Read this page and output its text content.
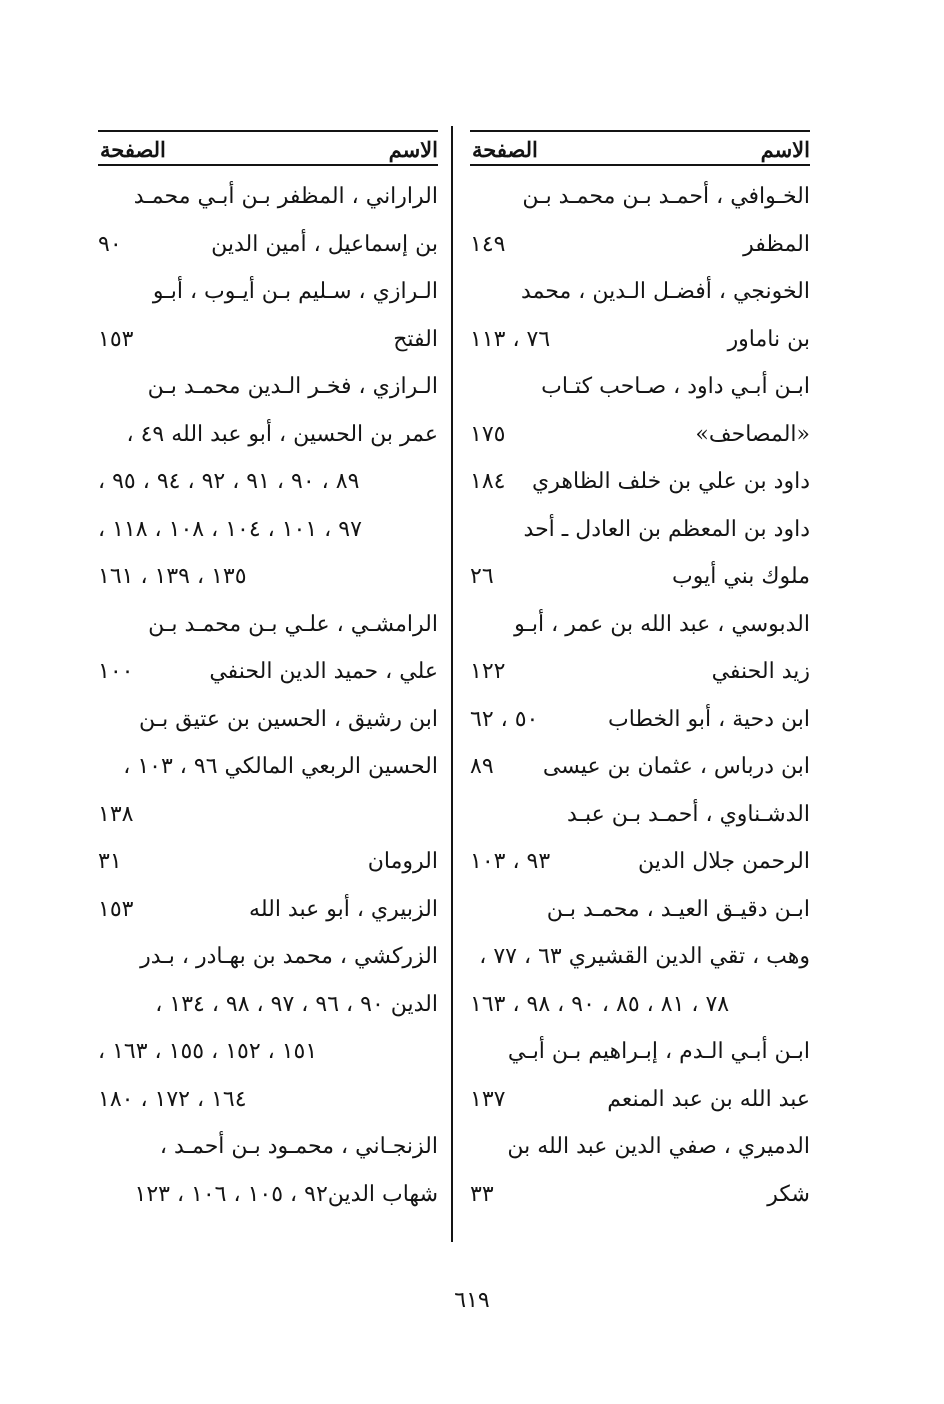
الاسم
الصفحة
الخـوافي ، أحمـد بـن محمـد بـن
المظفر
١٤٩
الخونجي ، أفضـل الـدين ، محمد
بن ناماور
٧٦ ، ١١٣
ابـن أبـي داود ، صـاحب كتـاب
«المصاحف»
١٧٥
داود بن علي بن خلف الظاهري
١٨٤
داود بن المعظم بن العادل ـ أحد
ملوك بني أيوب
٢٦
الدبوسي ، عبد الله بن عمر ، أبـو
زيد الحنفي
١٢٢
ابن دحية ، أبو الخطاب
٥٠ ، ٦٢
ابن درباس ، عثمان بن عيسى
٨٩
الدشـناوي ، أحمـد بـن عبـد
الرحمن جلال الدين
٩٣ ، ١٠٣
ابـن دقيـق العيـد ، محمـد بـن
وهب ، تقي الدين القشيري ٦٣ ، ٧٧ ،
٧٨ ، ٨١ ، ٨٥ ، ٩٠ ، ٩٨ ، ١٦٣
ابـن أبـي الـدم ، إبـراهيم بـن أبـي
عبد الله بن عبد المنعم
١٣٧
الدميري ، صفي الدين عبد الله بن
شكر
٣٣
الاسم
الصفحة
الراراني ، المظفر بـن أبـي محمـد
بن إسماعيل ، أمين الدين
٩٠
الـرازي ، سـليم بـن أيـوب ، أبـو
الفتح
١٥٣
الـرازي ، فخـر الـدين محمـد بـن
عمر بن الحسين ، أبو عبد الله ٤٩ ،
٨٩ ، ٩٠ ، ٩١ ، ٩٢ ، ٩٤ ، ٩٥ ،
٩٧ ، ١٠١ ، ١٠٤ ، ١٠٨ ، ١١٨ ،
١٣٥ ، ١٣٩ ، ١٦١
الرامشـي ، علـي بـن محمـد بـن
علي ، حميد الدين الحنفي
١٠٠
ابن رشيق ، الحسين بن عتيق بـن
الحسين الربعي المالكي ٩٦ ، ١٠٣ ،
١٣٨
الرومان
٣١
الزبيري ، أبو عبد الله
١٥٣
الزركشي ، محمد بن بهـادر ، بـدر
الدين ٩٠ ، ٩٦ ، ٩٧ ، ٩٨ ، ١٣٤ ،
١٥١ ، ١٥٢ ، ١٥٥ ، ١٦٣ ،
١٦٤ ، ١٧٢ ، ١٨٠
الزنجـاني ، محمـود بـن أحمـد ،
شهاب الدين٩٢ ، ١٠٥ ، ١٠٦ ، ١٢٣
٦١٩
